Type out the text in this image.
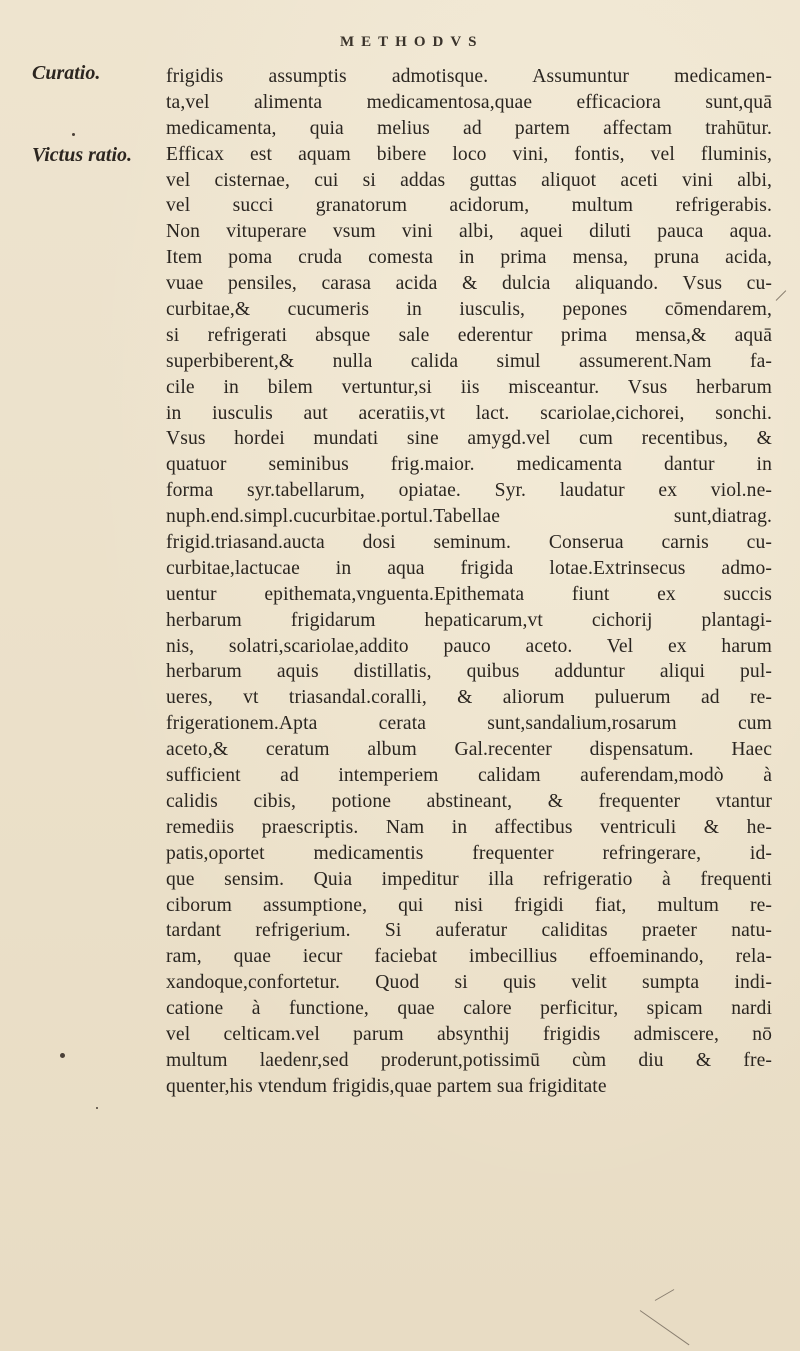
METHODVS
Curatio.
Victus ratio.
frigidis assumptis admotisque. Assumuntur medicamen-
ta,vel alimenta medicamentosa,quae efficaciora sunt,quā
medicamenta, quia melius ad partem affectam trahūtur.
Efficax est aquam bibere loco vini, fontis, vel fluminis,
vel cisternae, cui si addas guttas aliquot aceti vini albi,
vel succi granatorum acidorum, multum refrigerabis.
Non vituperare vsum vini albi, aquei diluti pauca aqua.
Item poma cruda comesta in prima mensa, pruna acida,
vuae pensiles, carasa acida & dulcia aliquando. Vsus cu-
curbitae,& cucumeris in iusculis, pepones cōmendarem,
si refrigerati absque sale ederentur prima mensa,& aquā
superbiberent,& nulla calida simul assumerent.Nam fa-
cile in bilem vertuntur,si iis misceantur. Vsus herbarum
in iusculis aut aceratiis,vt lact. scariolae,cichorei, sonchi.
Vsus hordei mundati sine amygd.vel cum recentibus, &
quatuor seminibus frig.maior. medicamenta dantur in
forma syr.tabellarum, opiatae. Syr. laudatur ex viol.ne-
nuph.end.simpl.cucurbitae.portul.Tabellae sunt,diatrag.
frigid.triasand.aucta dosi seminum. Conserua carnis cu-
curbitae,lactucae in aqua frigida lotae.Extrinsecus admo-
uentur epithemata,vnguenta.Epithemata fiunt ex succis
herbarum frigidarum hepaticarum,vt cichorij plantagi-
nis, solatri,scariolae,addito pauco aceto. Vel ex harum
herbarum aquis distillatis, quibus adduntur aliqui pul-
ueres, vt triasandal.coralli, & aliorum puluerum ad re-
frigerationem.Apta cerata sunt,sandalium,rosarum cum
aceto,& ceratum album Gal.recenter dispensatum. Haec
sufficient ad intemperiem calidam auferendam,modò à
calidis cibis, potione abstineant, & frequenter vtantur
remediis praescriptis. Nam in affectibus ventriculi & he-
patis,oportet medicamentis frequenter refringerare, id-
que sensim. Quia impeditur illa refrigeratio à frequenti
ciborum assumptione, qui nisi frigidi fiat, multum re-
tardant refrigerium. Si auferatur caliditas praeter natu-
ram, quae iecur faciebat imbecillius effoeminando, rela-
xandoque,confortetur. Quod si quis velit sumpta indi-
catione à functione, quae calore perficitur, spicam nardi
vel celticam.vel parum absynthij frigidis admiscere, nō
multum laedenr,sed proderunt,potissimū cùm diu & fre-
quenter,his vtendum frigidis,quae partem sua frigiditate
